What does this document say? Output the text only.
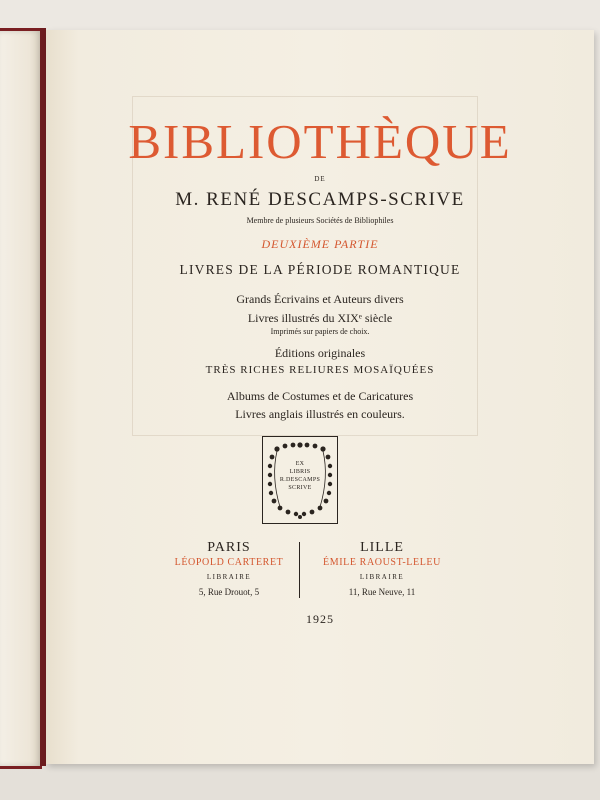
BIBLIOTHÈQUE
DE
M. RENÉ DESCAMPS-SCRIVE
Membre de plusieurs Sociétés de Bibliophiles
DEUXIÈME PARTIE
LIVRES DE LA PÉRIODE ROMANTIQUE
Grands Écrivains et Auteurs divers
Livres illustrés du XIXᵉ siècle
Imprimés sur papiers de choix.
Éditions originales
TRÈS RICHES RELIURES MOSAÏQUÉES
Albums de Costumes et de Caricatures
Livres anglais illustrés en couleurs.
EX
LIBRIS
R.DESCAMPS
SCRIVE
PARIS
LÉOPOLD CARTERET
LIBRAIRE
5, Rue Drouot, 5
LILLE
ÉMILE RAOUST-LELEU
LIBRAIRE
11, Rue Neuve, 11
1925
